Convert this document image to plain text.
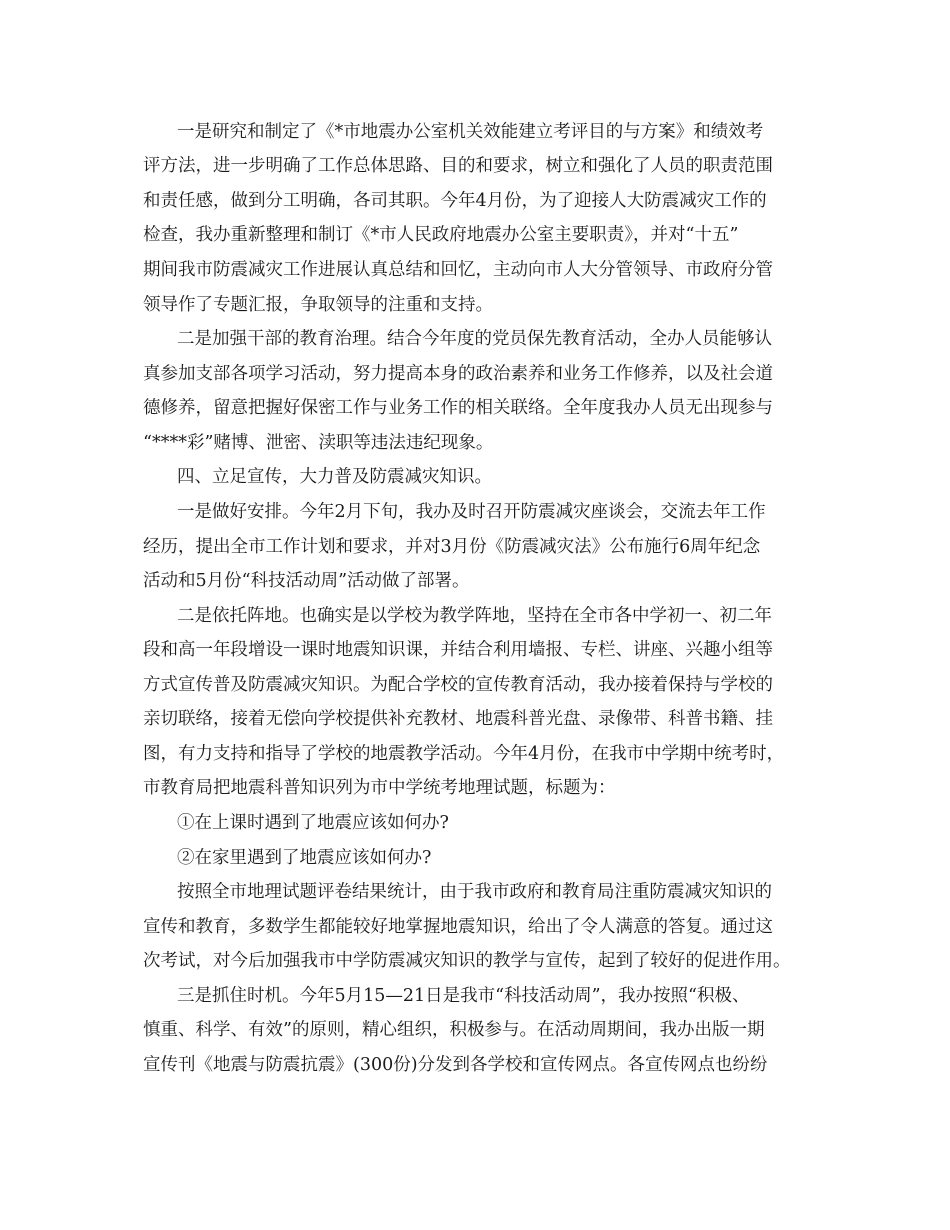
一是研究和制定了《*市地震办公室机关效能建立考评目的与方案》和绩效考
评方法，进一步明确了工作总体思路、目的和要求，树立和强化了人员的职责范围
和责任感，做到分工明确，各司其职。今年4月份，为了迎接人大防震减灾工作的
检查，我办重新整理和制订《*市人民政府地震办公室主要职责》，并对“十五”
期间我市防震减灾工作进展认真总结和回忆，主动向市人大分管领导、市政府分管
领导作了专题汇报，争取领导的注重和支持。
二是加强干部的教育治理。结合今年度的党员保先教育活动，全办人员能够认
真参加支部各项学习活动，努力提高本身的政治素养和业务工作修养，以及社会道
德修养，留意把握好保密工作与业务工作的相关联络。全年度我办人员无出现参与
“****彩”赌博、泄密、渎职等违法违纪现象。
四、立足宣传，大力普及防震减灾知识。
一是做好安排。今年2月下旬，我办及时召开防震减灾座谈会，交流去年工作
经历，提出全市工作计划和要求，并对3月份《防震减灾法》公布施行6周年纪念
活动和5月份“科技活动周”活动做了部署。
二是依托阵地。也确实是以学校为教学阵地，坚持在全市各中学初一、初二年
段和高一年段增设一课时地震知识课，并结合利用墙报、专栏、讲座、兴趣小组等
方式宣传普及防震减灾知识。为配合学校的宣传教育活动，我办接着保持与学校的
亲切联络，接着无偿向学校提供补充教材、地震科普光盘、录像带、科普书籍、挂
图，有力支持和指导了学校的地震教学活动。今年4月份，在我市中学期中统考时，
市教育局把地震科普知识列为市中学统考地理试题，标题为：
①在上课时遇到了地震应该如何办?
②在家里遇到了地震应该如何办?
按照全市地理试题评卷结果统计，由于我市政府和教育局注重防震减灾知识的
宣传和教育，多数学生都能较好地掌握地震知识，给出了令人满意的答复。通过这
次考试，对今后加强我市中学防震减灾知识的教学与宣传，起到了较好的促进作用。
三是抓住时机。今年5月15—21日是我市“科技活动周”，我办按照“积极、
慎重、科学、有效”的原则，精心组织，积极参与。在活动周期间，我办出版一期
宣传刊《地震与防震抗震》(300份)分发到各学校和宣传网点。各宣传网点也纷纷
